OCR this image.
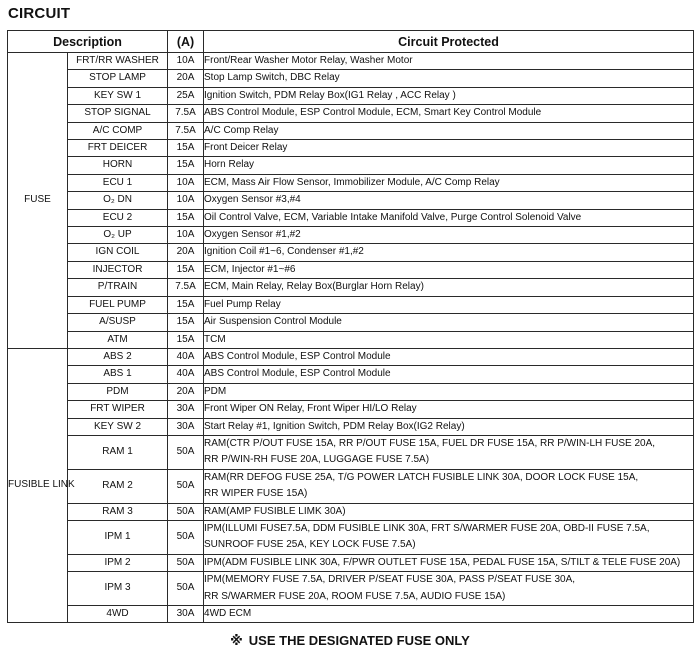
CIRCUIT
Description		(A)	Circuit Protected
FUSE	FRT/RR WASHER	10A	Front/Rear Washer Motor Relay, Washer Motor

	STOP LAMP	20A	Stop Lamp Switch, DBC Relay

	KEY SW 1	25A	Ignition Switch, PDM Relay Box(IG1 Relay , ACC Relay )

	STOP SIGNAL	7.5A	ABS Control Module, ESP Control Module, ECM, Smart Key Control Module

	A/C COMP	7.5A	A/C Comp Relay

	FRT DEICER	15A	Front Deicer Relay

	HORN	15A	Horn Relay

	ECU 1	10A	ECM, Mass Air Flow Sensor, Immobilizer Module, A/C Comp Relay

	O₂ DN	10A	Oxygen Sensor #3,#4

	ECU 2	15A	Oil Control Valve, ECM, Variable Intake Manifold Valve, Purge Control Solenoid Valve

	O₂ UP	10A	Oxygen Sensor #1,#2

	IGN COIL	20A	Ignition Coil #1~6, Condenser #1,#2

	INJECTOR	15A	ECM, Injector #1~#6

	P/TRAIN	7.5A	ECM, Main Relay, Relay Box(Burglar Horn Relay)

	FUEL PUMP	15A	Fuel Pump Relay

	A/SUSP	15A	Air Suspension Control Module

	ATM	15A	TCM

FUSIBLE LINK	ABS 2	40A	ABS Control Module, ESP Control Module

	ABS 1	40A	ABS Control Module, ESP Control Module

	PDM	20A	PDM

	FRT WIPER	30A	Front Wiper ON Relay, Front Wiper HI/LO Relay

	KEY SW 2	30A	Start Relay #1, Ignition Switch, PDM Relay Box(IG2 Relay)

	RAM 1	50A	RAM(CTR P/OUT FUSE 15A, RR P/OUT FUSE 15A, FUEL DR FUSE 15A, RR P/WIN-LH FUSE 20A,
RR P/WIN-RH FUSE 20A, LUGGAGE FUSE 7.5A)

	RAM 2	50A	RAM(RR DEFOG FUSE 25A, T/G POWER LATCH FUSIBLE LINK 30A, DOOR LOCK FUSE 15A,
RR WIPER FUSE 15A)

	RAM 3	50A	RAM(AMP FUSIBLE LIMK 30A)

	IPM 1	50A	IPM(ILLUMI FUSE7.5A, DDM FUSIBLE LINK 30A, FRT S/WARMER FUSE 20A, OBD-II FUSE 7.5A,
SUNROOF FUSE 25A, KEY LOCK FUSE 7.5A)

	IPM 2	50A	IPM(ADM FUSIBLE LINK 30A, F/PWR OUTLET FUSE 15A, PEDAL FUSE 15A, S/TILT & TELE FUSE 20A)

	IPM 3	50A	IPM(MEMORY FUSE 7.5A, DRIVER P/SEAT FUSE 30A, PASS P/SEAT FUSE 30A,
RR S/WARMER FUSE 20A, ROOM FUSE 7.5A, AUDIO FUSE 15A)

	4WD	30A	4WD ECM
※ USE THE DESIGNATED FUSE ONLY
